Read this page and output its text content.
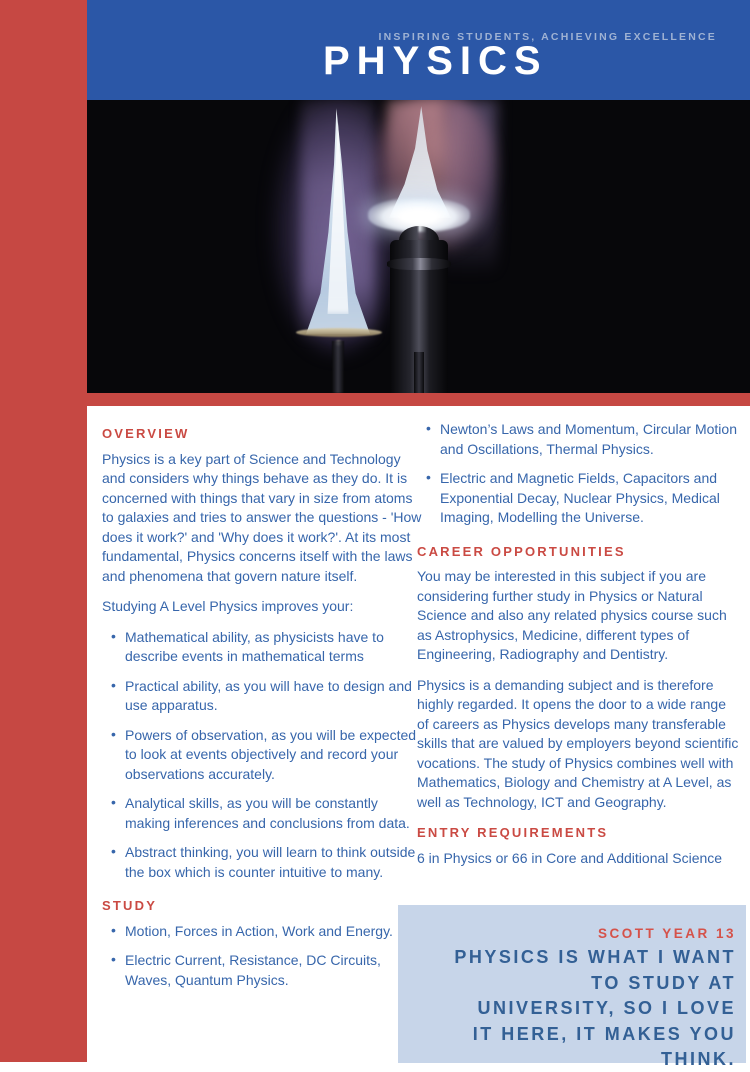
INSPIRING STUDENTS, ACHIEVING EXCELLENCE
PHYSICS
OVERVIEW

Physics is a key part of Science and Technology and considers why things behave as they do. It is concerned with things that vary in size from atoms to galaxies and tries to answer the questions - 'How does it work?' and 'Why does it work?'. At its most fundamental, Physics concerns itself with the laws and phenomena that govern nature itself.

Studying A Level Physics improves your:

• Mathematical ability, as physicists have to describe events in mathematical terms
• Practical ability, as you will have to design and use apparatus.
• Powers of observation, as you will be expected to look at events objectively and record your observations accurately.
• Analytical skills, as you will be constantly making inferences and conclusions from data.
• Abstract thinking, you will learn to think outside the box which is counter intuitive to many.
STUDY
• Motion, Forces in Action, Work and Energy.
• Electric Current, Resistance, DC Circuits, Waves, Quantum Physics.
• Newton’s Laws and Momentum, Circular Motion and Oscillations, Thermal Physics.
• Electric and Magnetic Fields, Capacitors and Exponential Decay, Nuclear Physics, Medical Imaging, Modelling the Universe.
CAREER OPPORTUNITIES

You may be interested in this subject if you are considering further study in Physics or Natural Science and also any related physics course such as Astrophysics, Medicine, different types of Engineering, Radiography and Dentistry.

Physics is a demanding subject and is therefore highly regarded. It opens the door to a wide range of careers as Physics develops many transferable skills that are valued by employers beyond scientific vocations. The study of Physics combines well with Mathematics, Biology and Chemistry at A Level, as well as Technology, ICT and Geography.

ENTRY REQUIREMENTS

6 in Physics or 66 in Core and Additional Science

SCOTT YEAR 13
PHYSICS IS WHAT I WANT TO STUDY AT UNIVERSITY, SO I LOVE IT HERE, IT MAKES YOU THINK.
